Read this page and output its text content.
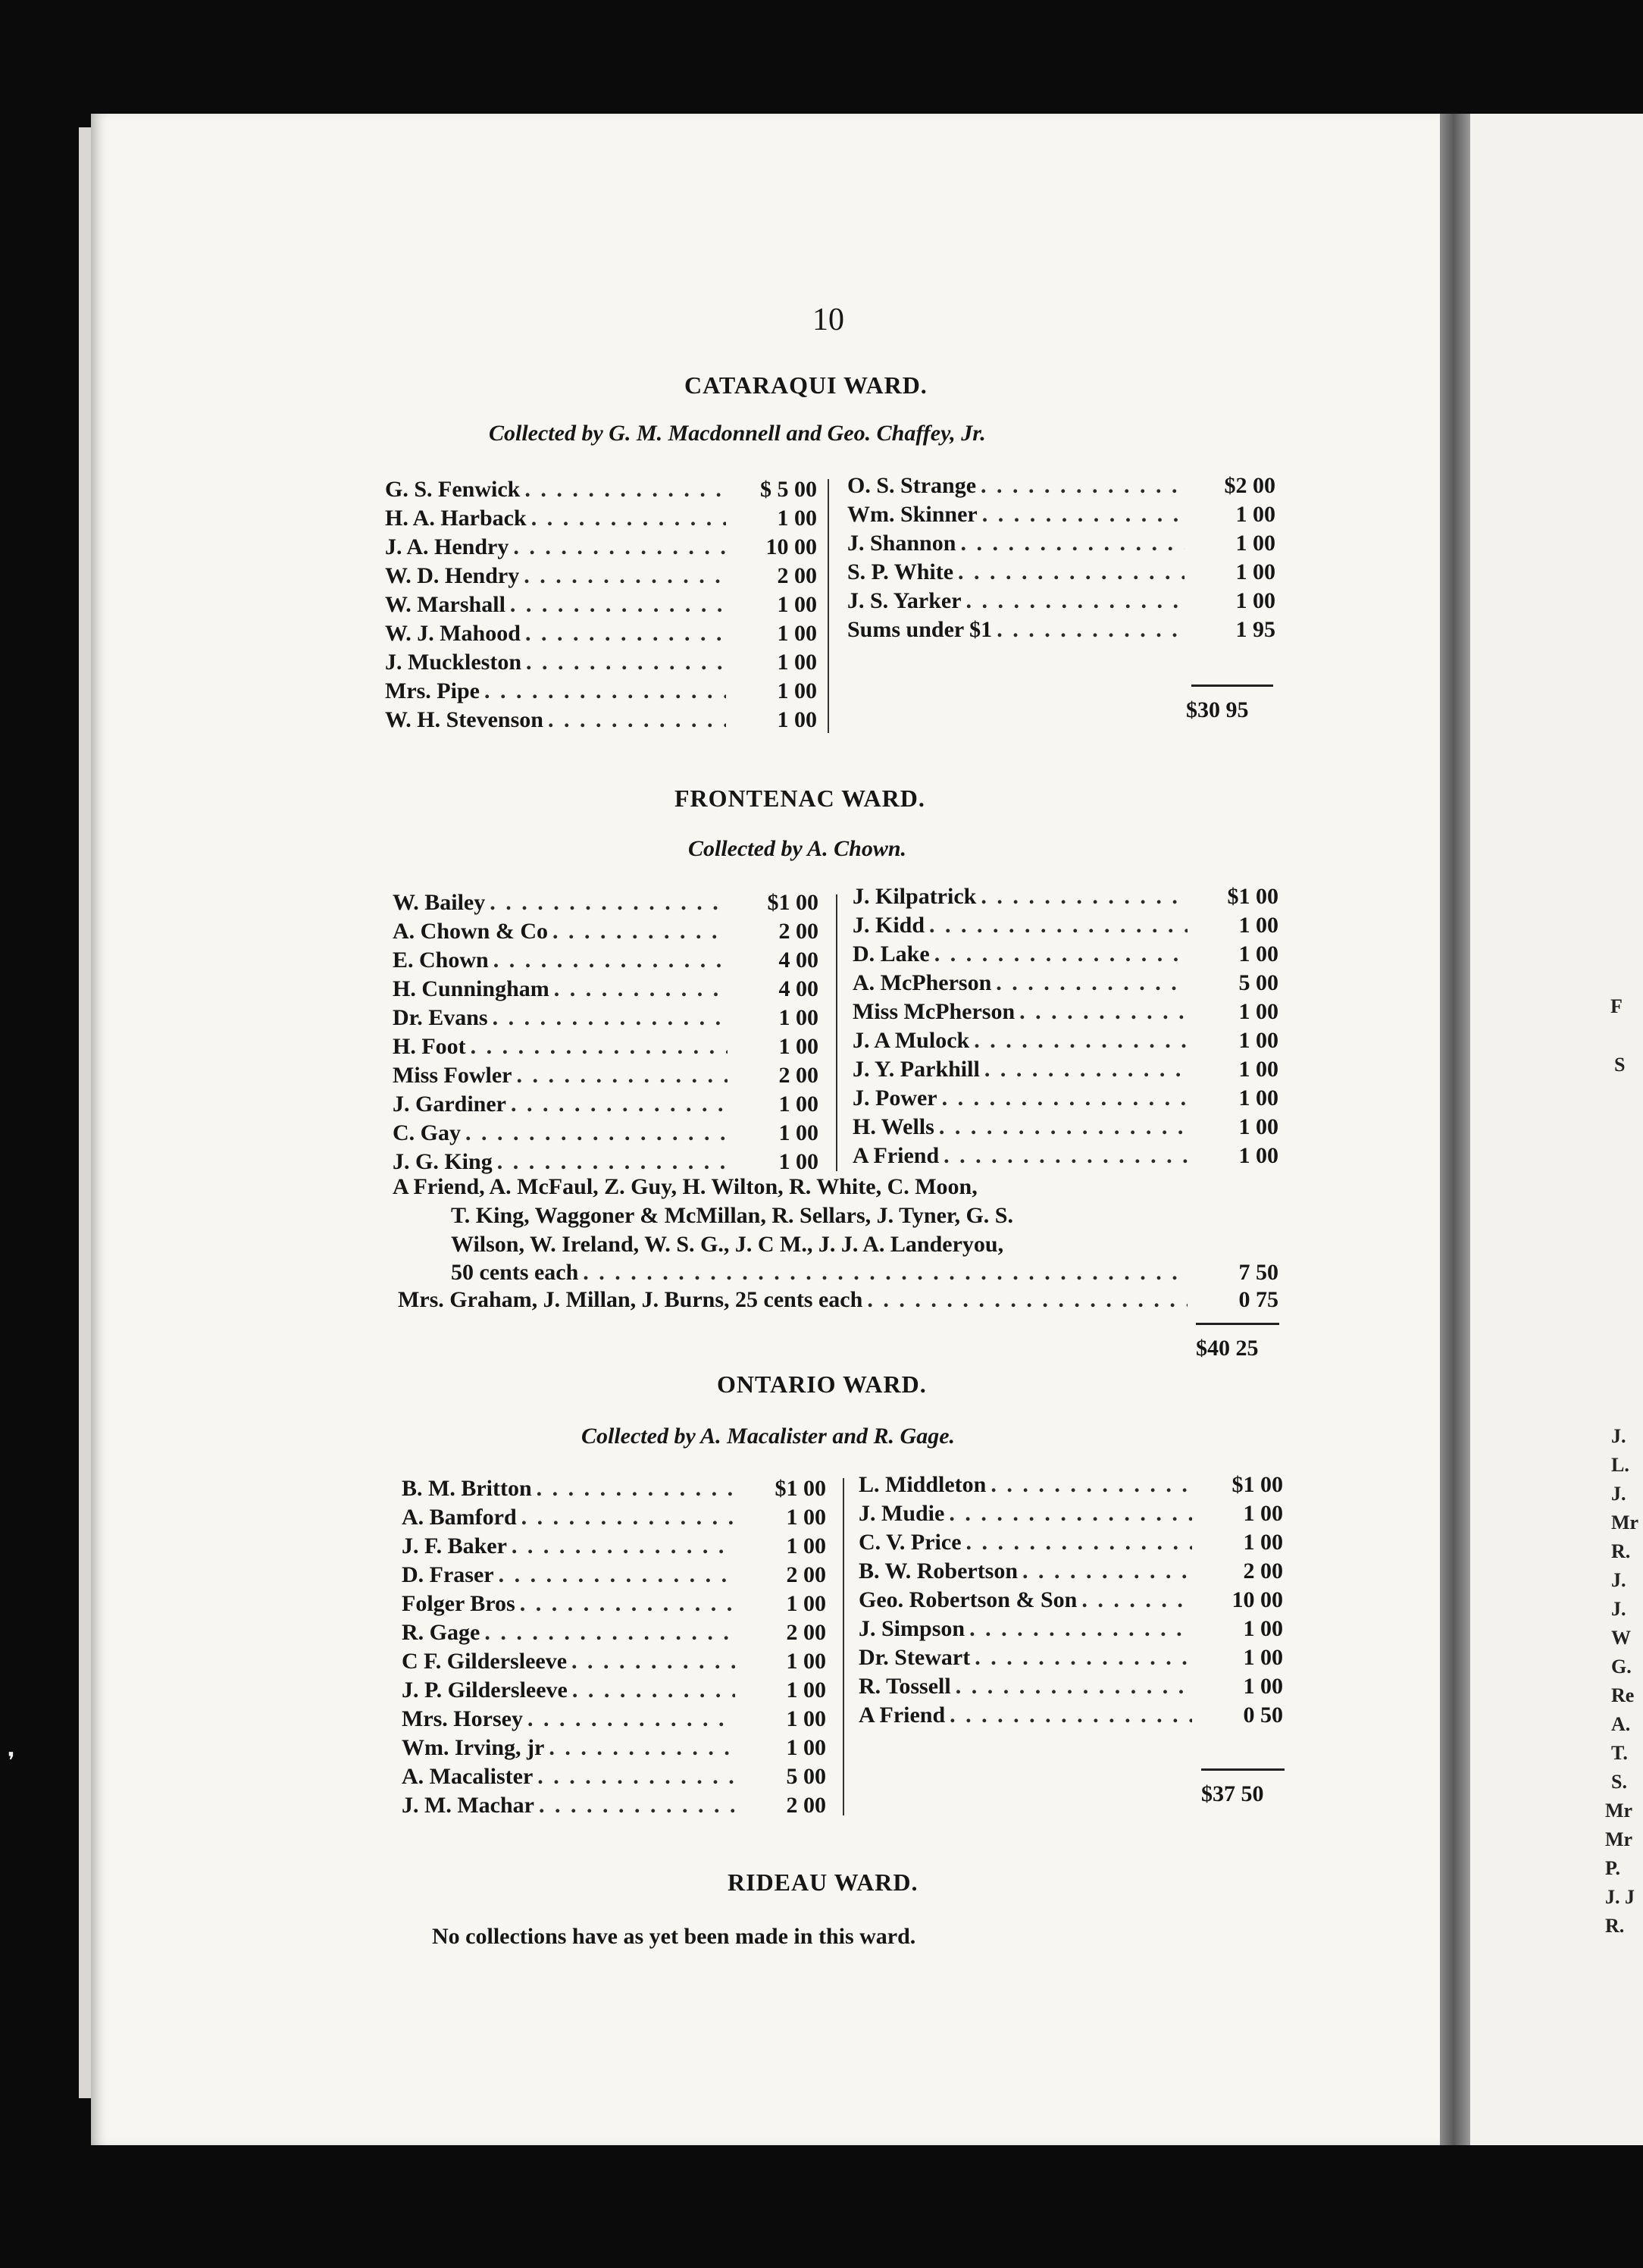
❜
F
S
J.
L.
J.
Mr
R.
J.
J.
W
G.
Re
A.
T.
S.
Mr
Mr
P.
J. J
R.
10
CATARAQUI WARD.
Collected by G. M. Macdonnell and Geo. Chaffey, Jr.
G. S. Fenwick . . .	$ 5 00
H. A. Harback . . .	1 00
J. A. Hendry . . .	10 00
W. D. Hendry . . .	2 00
W. Marshall . . .	1 00
W. J. Mahood . . .	1 00
J. Muckleston . . .	1 00
Mrs. Pipe . . .	1 00
W. H. Stevenson . . .	1 00
O. S. Strange . . .	$2 00
Wm. Skinner . . .	1 00
J. Shannon . . .	1 00
S. P. White . . .	1 00
J. S. Yarker . . .	1 00
Sums under $1 . . .	1 95
$30 95
FRONTENAC WARD.
Collected by A. Chown.
W. Bailey . . .	$1 00
A. Chown & Co . . .	2 00
E. Chown . . .	4 00
H. Cunningham . . .	4 00
Dr. Evans . . .	1 00
H. Foot . . .	1 00
Miss Fowler . . .	2 00
J. Gardiner . . .	1 00
C. Gay . . .	1 00
J. G. King . . .	1 00
J. Kilpatrick . . .	$1 00
J. Kidd . . .	1 00
D. Lake . . .	1 00
A. McPherson . . .	5 00
Miss McPherson . . .	1 00
J. A Mulock . . .	1 00
J. Y. Parkhill . . .	1 00
J. Power . . .	1 00
H. Wells . . .	1 00
A Friend . . .	1 00
A Friend, A. McFaul, Z. Guy, H. Wilton, R. White, C. Moon,
T. King, Waggoner & McMillan, R. Sellars, J. Tyner, G. S.
Wilson, W. Ireland, W. S. G., J. C M., J. J. A. Landeryou,
50 cents each . . .	7 50
Mrs. Graham, J. Millan, J. Burns, 25 cents each . . .	0 75
$40 25
ONTARIO WARD.
Collected by A. Macalister and R. Gage.
B. M. Britton . . .	$1 00
A. Bamford . . .	1 00
J. F. Baker . . .	1 00
D. Fraser . . .	2 00
Folger Bros . . .	1 00
R. Gage . . .	2 00
C F. Gildersleeve . . .	1 00
J. P. Gildersleeve . . .	1 00
Mrs. Horsey . . .	1 00
Wm. Irving, jr . . .	1 00
A. Macalister . . .	5 00
J. M. Machar . . .	2 00
L. Middleton . . .	$1 00
J. Mudie . . .	1 00
C. V. Price . . .	1 00
B. W. Robertson . . .	2 00
Geo. Robertson & Son . . .	10 00
J. Simpson . . .	1 00
Dr. Stewart . . .	1 00
R. Tossell . . .	1 00
A Friend . . .	0 50
$37 50
RIDEAU WARD.
No collections have as yet been made in this ward.
